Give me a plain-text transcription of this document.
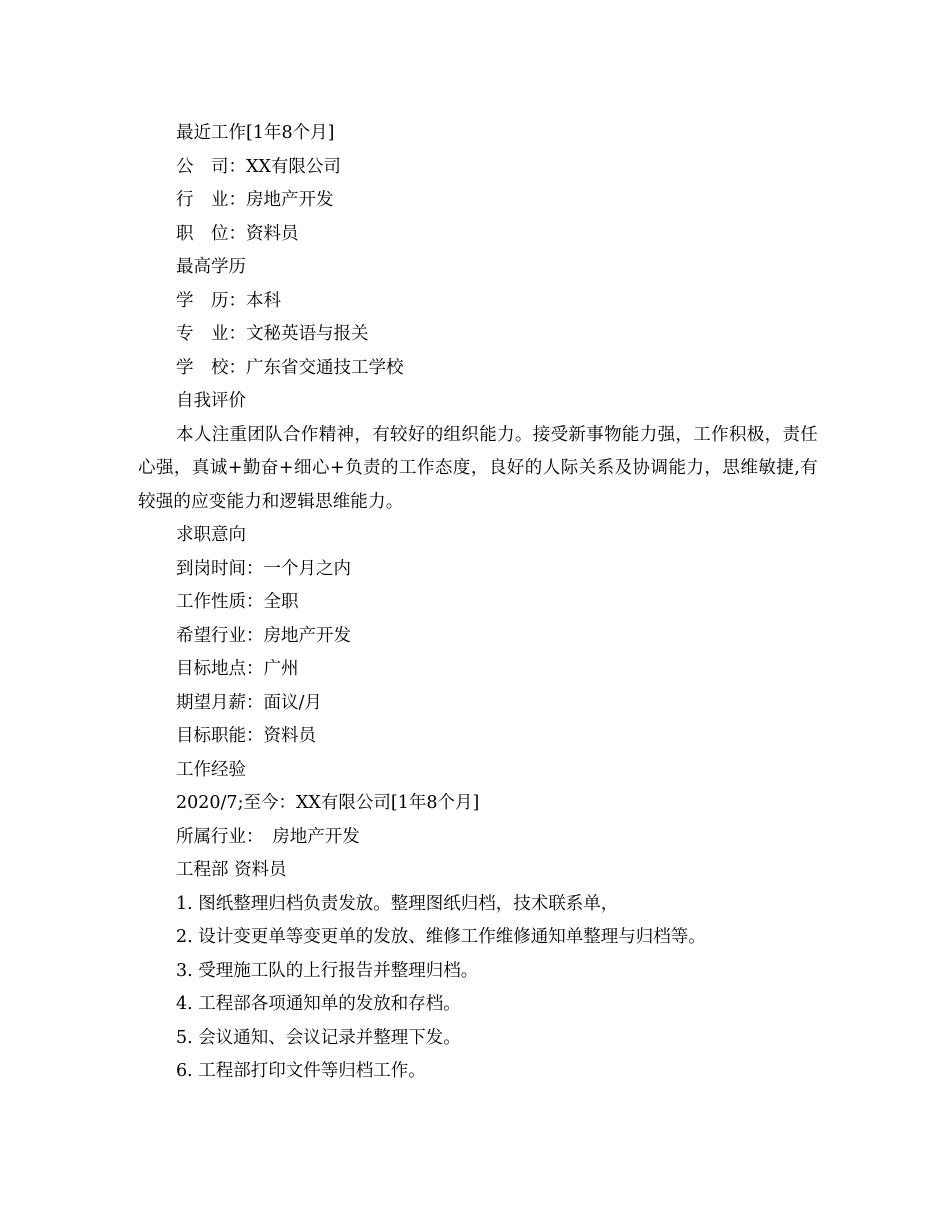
最近工作[1年8个月]
公　司：XX有限公司
行　业：房地产开发
职　位：资料员
最高学历
学　历：本科
专　业：文秘英语与报关
学　校：广东省交通技工学校
自我评价
本人注重团队合作精神，有较好的组织能力。接受新事物能力强，工作积极，责任心强，真诚+勤奋+细心+负责的工作态度，良好的人际关系及协调能力，思维敏捷,有较强的应变能力和逻辑思维能力。
求职意向
到岗时间：一个月之内
工作性质：全职
希望行业：房地产开发
目标地点：广州
期望月薪：面议/月
目标职能：资料员
工作经验
2020/7;至今：XX有限公司[1年8个月]
所属行业：　房地产开发
工程部 资料员
1. 图纸整理归档负责发放。整理图纸归档，技术联系单，
2. 设计变更单等变更单的发放、维修工作维修通知单整理与归档等。
3. 受理施工队的上行报告并整理归档。
4. 工程部各项通知单的发放和存档。
5. 会议通知、会议记录并整理下发。
6. 工程部打印文件等归档工作。
